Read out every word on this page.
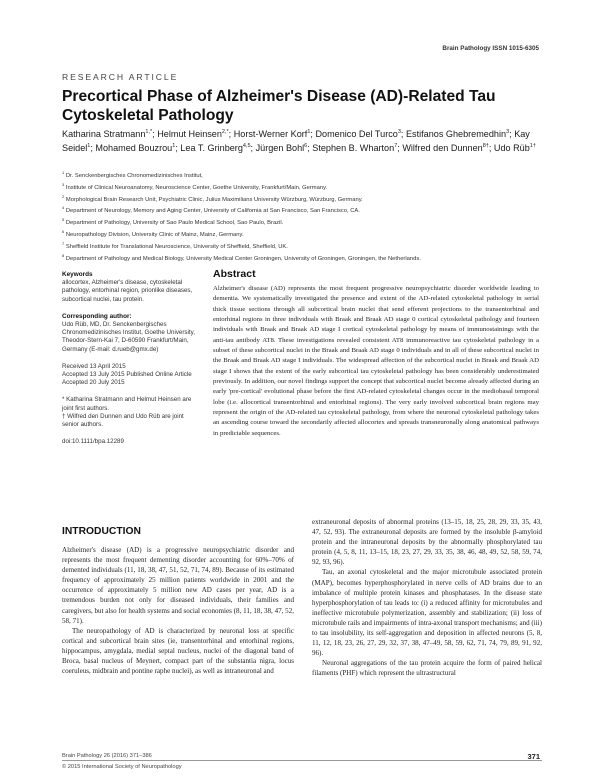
Brain Pathology ISSN 1015-6305
RESEARCH ARTICLE
Precortical Phase of Alzheimer's Disease (AD)-Related Tau Cytoskeletal Pathology
Katharina Stratmann$^{1,*}$; Helmut Heinsen$^{2,*}$; Horst-Werner Korf$^1$; Domenico Del Turco$^3$; Estifanos Ghebremedhin$^3$; Kay Seidel$^1$; Mohamed Bouzrou$^1$; Lea T. Grinberg$^{4,5}$; Jürgen Bohl$^6$; Stephen B. Wharton$^7$; Wilfred den Dunnen$^{8\dagger}$; Udo Rüb$^{1\dagger}$
$^1$ Dr. Senckenbergisches Chronomedizinisches Institut,
$^3$ Institute of Clinical Neuroanatomy, Neuroscience Center, Goethe University, Frankfurt/Main, Germany.
$^2$ Morphological Brain Research Unit, Psychiatric Clinic, Julius Maximilians University Würzburg, Würzburg, Germany.
$^4$ Department of Neurology, Memory and Aging Center, University of California at San Francisco, San Francisco, CA.
$^5$ Department of Pathology, University of Sao Paulo Medical School, Sao Paulo, Brazil.
$^6$ Neuropathology Division, University Clinic of Mainz, Mainz, Germany.
$^7$ Sheffield Institute for Translational Neuroscience, University of Sheffield, Sheffield, UK.
$^8$ Department of Pathology and Medical Biology, University Medical Center Groningen, University of Groningen, Groningen, the Netherlands.

Keywords

allocortex, Alzheimer's disease, cytoskeletal pathology, entorhinal region, prionlike diseases, subcortical nuclei, tau protein.

Corresponding author:

Udo Rüb, MD, Dr. Senckenbergisches Chronomedizinisches Institut, Goethe University, Theodor-Stern-Kai 7, D-60590 Frankfurt/Main, Germany (E-mail: d.rueb@gmx.de)

Received 13 April 2015

Accepted 13 July 2015 Published Online Article Accepted 20 July 2015

* Katharina Stratmann and Helmut Heinsen are joint first authors.

† Wilfred den Dunnen and Udo Rüb are joint senior authors.

doi:10.1111/bpa.12289

Abstract

Alzheimer's disease (AD) represents the most frequent progressive neuropsychiatric disorder worldwide leading to dementia. We systematically investigated the presence and extent of the AD-related cytoskeletal pathology in serial thick tissue sections through all subcortical brain nuclei that send efferent projections to the transentorhinal and entorhinal regions in three individuals with Braak and Braak AD stage 0 cortical cytoskeletal pathology and fourteen individuals with Braak and Braak AD stage I cortical cytoskeletal pathology by means of immunostainings with the anti-tau antibody AT8. These investigations revealed consistent AT8 immunoreactive tau cytoskeletal pathology in a subset of these subcortical nuclei in the Braak and Braak AD stage 0 individuals and in all of these subcortical nuclei in the Braak and Braak AD stage I individuals. The widespread affection of the subcortical nuclei in Braak and Braak AD stage I shows that the extent of the early subcortical tau cytoskeletal pathology has been considerably underestimated previously. In addition, our novel findings support the concept that subcortical nuclei become already affected during an early 'pre-cortical' evolutional phase before the first AD-related cytoskeletal changes occur in the mediobasal temporal lobe (i.e. allocortical transentorhinal and entorhinal regions). The very early involved subcortical brain regions may represent the origin of the AD-related tau cytoskeletal pathology, from where the neuronal cytoskeletal pathology takes an ascending course toward the secondarily affected allocortex and spreads transneuronally along anatomical pathways in predictable sequences.

INTRODUCTION

Alzheimer's disease (AD) is a progressive neuropsychiatric disorder and represents the most frequent dementing disorder accounting for 60%–70% of demented individuals (11, 18, 38, 47, 51, 52, 71, 74, 89). Because of its estimated frequency of approximately 25 million patients worldwide in 2001 and the occurrence of approximately 5 million new AD cases per year, AD is a tremendous burden not only for diseased individuals, their families and caregivers, but also for health systems and social economies (8, 11, 18, 38, 47, 52, 58, 71).

The neuropathology of AD is characterized by neuronal loss at specific cortical and subcortical brain sites (ie, transentorhinal and entorhinal regions, hippocampus, amygdala, medial septal nucleus, nuclei of the diagonal band of Broca, basal nucleus of Meynert, compact part of the substantia nigra, locus coeruleus, midbrain and pontine raphe nuclei), as well as intraneuronal and

extraneuronal deposits of abnormal proteins (13–15, 18, 25, 28, 29, 33, 35, 43, 47, 52, 93). The extraneuronal deposits are formed by the insoluble β-amyloid protein and the intraneuronal deposits by the abnormally phosphorylated tau protein (4, 5, 8, 11, 13–15, 18, 23, 27, 29, 33, 35, 38, 46, 48, 49, 52, 58, 59, 74, 92, 93, 96).

Tau, an axonal cytoskeletal and the major microtubule associated protein (MAP), becomes hyperphosphorylated in nerve cells of AD brains due to an imbalance of multiple protein kinases and phosphatases. In the disease state hyperphosphorylation of tau leads to: (i) a reduced affinity for microtubules and ineffective microtubule polymerization, assembly and stabilization; (ii) loss of microtubule rails and impairments of intra-axonal transport mechanisms; and (iii) to tau insolubility, its self-aggregation and deposition in affected neurons (5, 8, 11, 12, 18, 23, 26, 27, 29, 32, 37, 38, 47–49, 58, 59, 62, 71, 74, 79, 89, 91, 92, 96).

Neuronal aggregations of the tau protein acquire the form of paired helical filaments (PHF) which represent the ultrastructural

Brain Pathology 26 (2016) 371–386
© 2015 International Society of Neuropathology
371
